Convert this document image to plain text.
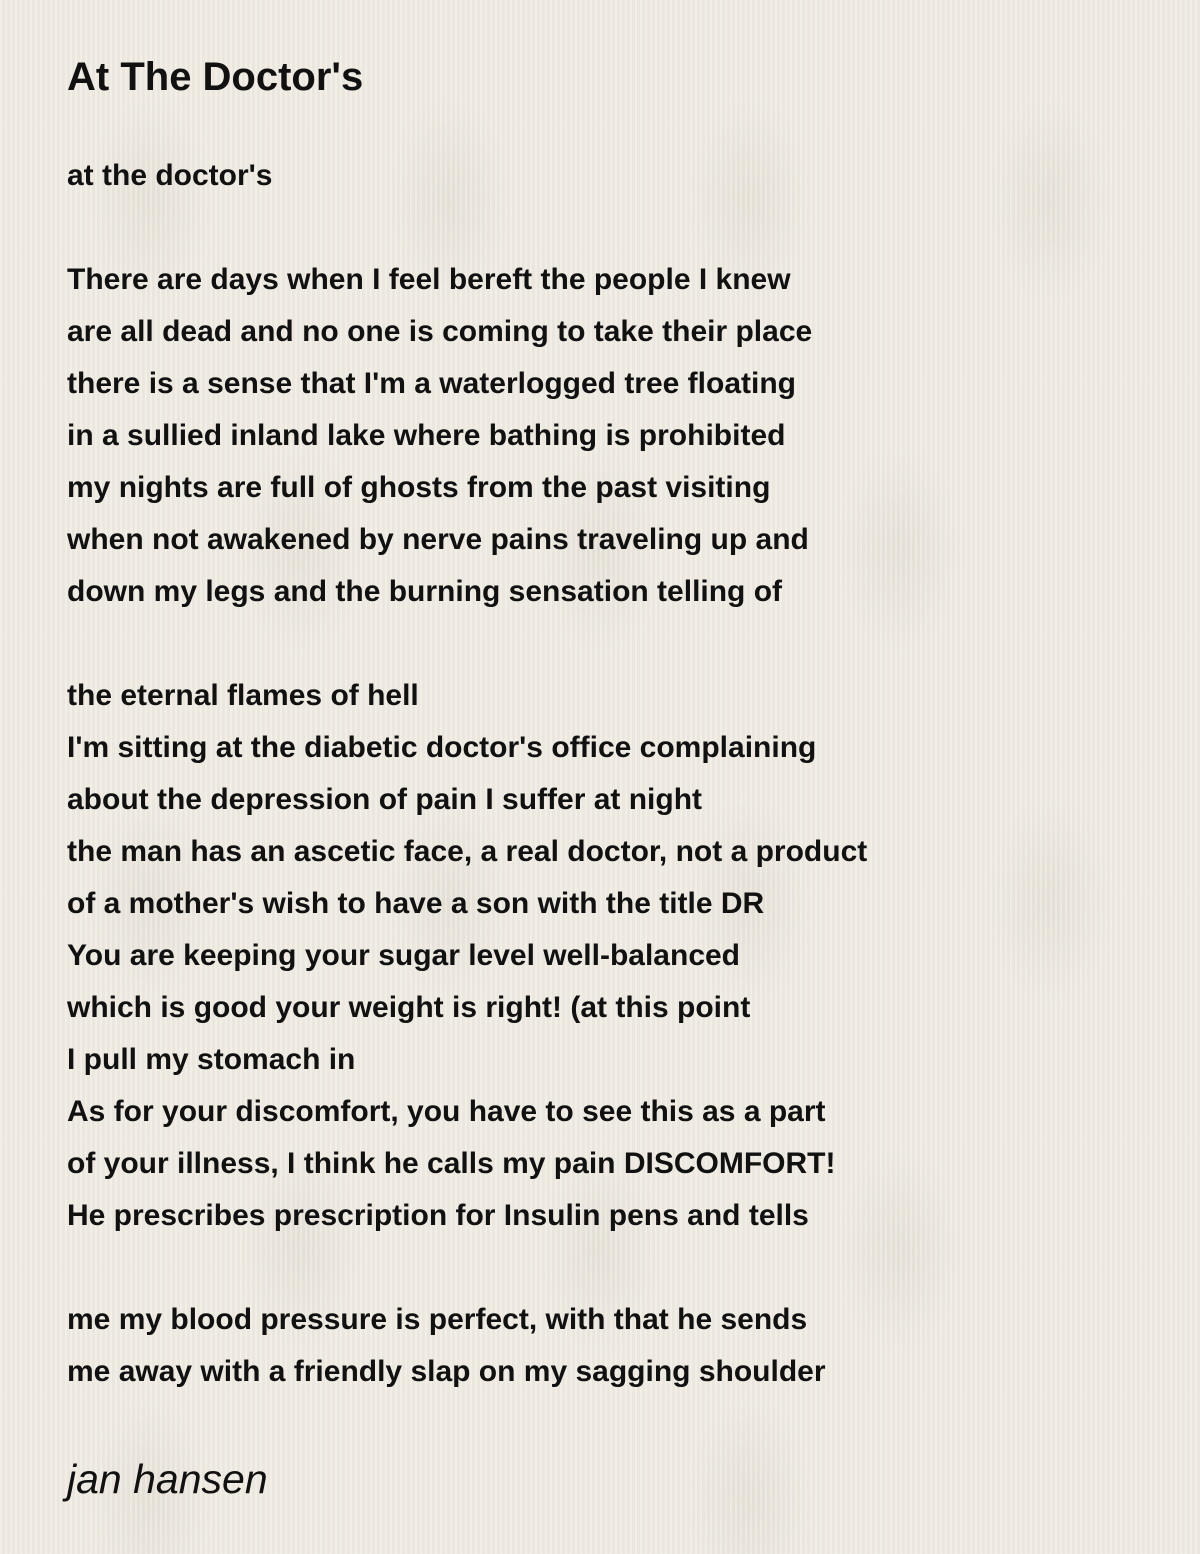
At The Doctor's
at the doctor's
There are days when I feel bereft the people I knew
are all dead and no one is coming to take their place
there is a sense that I'm a waterlogged tree floating
in a sullied inland lake where bathing is prohibited
my nights are full of ghosts from the past visiting
when not awakened by nerve pains traveling up and
down my legs and the burning sensation telling of
the eternal flames of hell
I'm sitting at the diabetic doctor's office complaining
about the depression of pain I suffer at night
the man has an ascetic face, a real doctor, not a product
of a mother's wish to have a son with the title DR
You are keeping your sugar level well-balanced
which is good your weight is right! (at this point
I pull my stomach in
As for your discomfort, you have to see this as a part
of your illness, I think he calls my pain DISCOMFORT!
He prescribes prescription for Insulin pens and tells
me my blood pressure is perfect, with that he sends
me away with a friendly slap on my sagging shoulder

jan hansen
